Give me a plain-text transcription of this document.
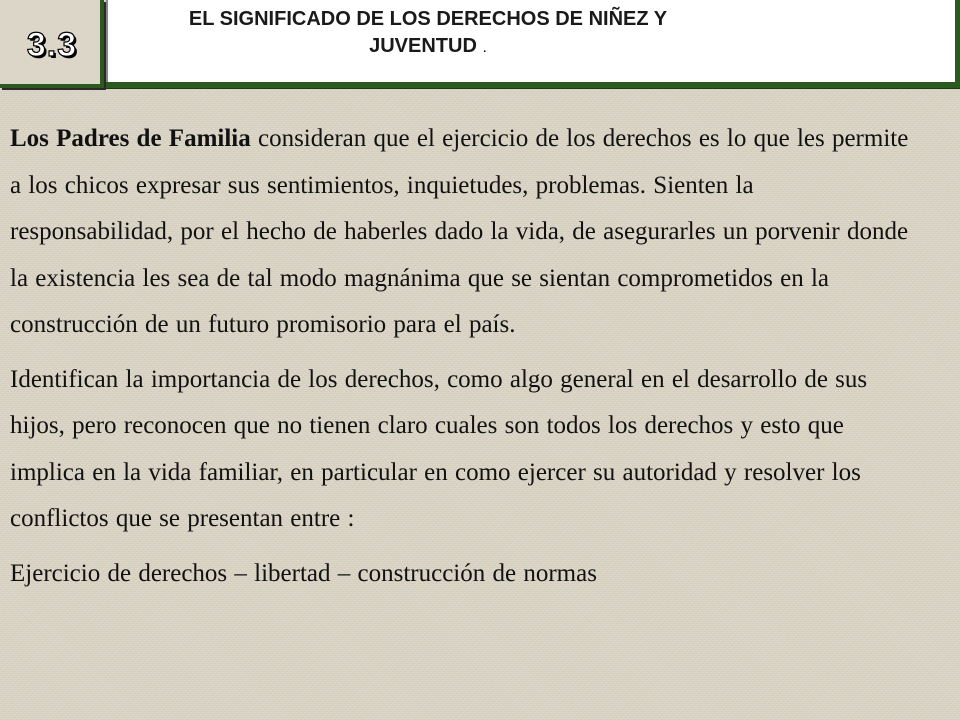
3.3
EL SIGNIFICADO DE LOS DERECHOS DE NIÑEZ Y JUVENTUD .

Los Padres de Familia consideran que el ejercicio de los derechos es lo que les permite a los chicos expresar sus sentimientos, inquietudes, problemas. Sienten la responsabilidad, por el hecho de haberles dado la vida, de asegurarles un porvenir donde la existencia les sea de tal modo magnánima que se sientan comprometidos en la construcción de un futuro promisorio para el país.

Identifican la importancia de los derechos, como algo general en el desarrollo de sus hijos, pero reconocen que no tienen claro cuales son todos los derechos y esto que implica en la vida familiar, en particular en como ejercer su autoridad y resolver los conflictos que se presentan entre :

Ejercicio de derechos – libertad – construcción de normas
